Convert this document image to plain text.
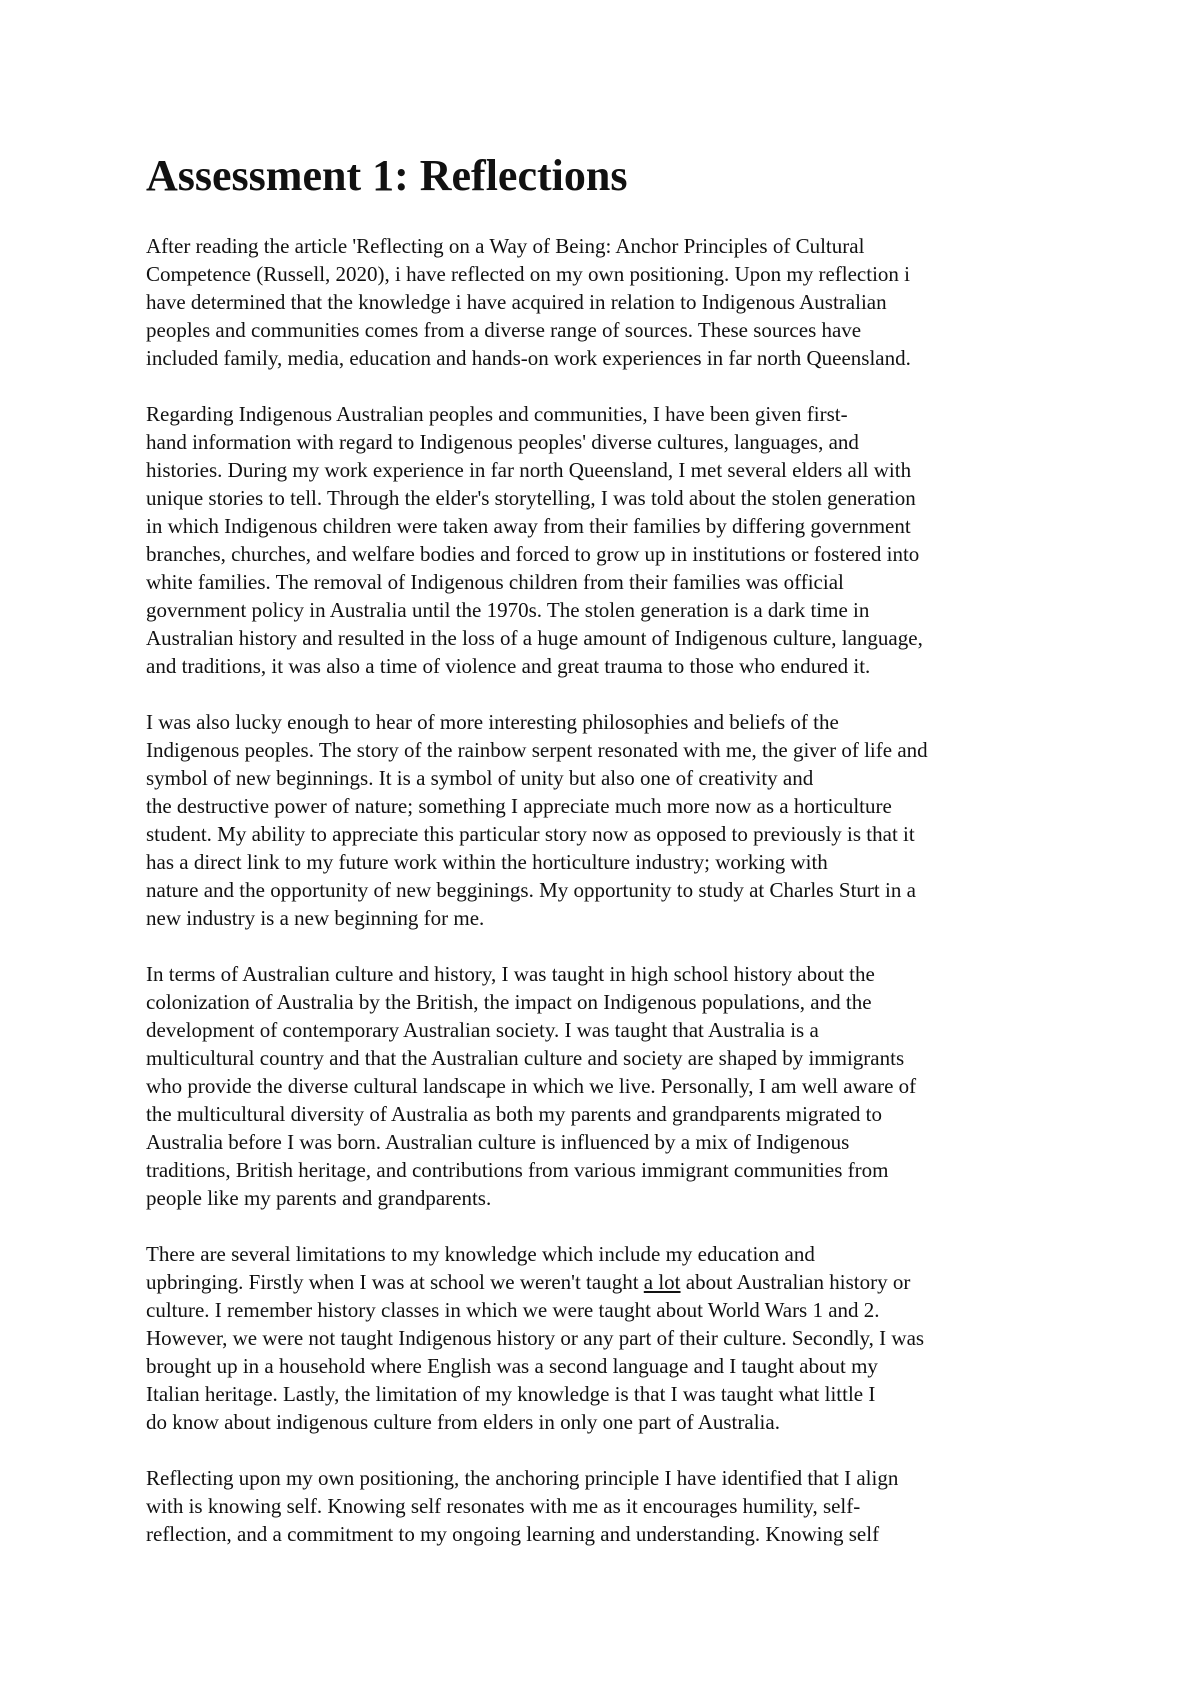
Assessment 1: Reflections
After reading the article 'Reflecting on a Way of Being: Anchor Principles of Cultural
Competence (Russell, 2020), i have reflected on my own positioning. Upon my reflection i
have determined that the knowledge i have acquired in relation to Indigenous Australian
peoples and communities comes from a diverse range of sources. These sources have
included family, media, education and hands-on work experiences in far north Queensland.
Regarding Indigenous Australian peoples and communities, I have been given first-
hand information with regard to Indigenous peoples' diverse cultures, languages, and
histories. During my work experience in far north Queensland, I met several elders all with
unique stories to tell. Through the elder's storytelling, I was told about the stolen generation
in which Indigenous children were taken away from their families by differing government
branches, churches, and welfare bodies and forced to grow up in institutions or fostered into
white families. The removal of Indigenous children from their families was official
government policy in Australia until the 1970s. The stolen generation is a dark time in
Australian history and resulted in the loss of a huge amount of Indigenous culture, language,
and traditions, it was also a time of violence and great trauma to those who endured it.
I was also lucky enough to hear of more interesting philosophies and beliefs of the
Indigenous peoples. The story of the rainbow serpent resonated with me, the giver of life and
symbol of new beginnings. It is a symbol of unity but also one of creativity and
the destructive power of nature; something I appreciate much more now as a horticulture
student. My ability to appreciate this particular story now as opposed to previously is that it
has a direct link to my future work within the horticulture industry; working with
nature and the opportunity of new begginings. My opportunity to study at Charles Sturt in a
new industry is a new beginning for me.
In terms of Australian culture and history, I was taught in high school history about the
colonization of Australia by the British, the impact on Indigenous populations, and the
development of contemporary Australian society. I was taught that Australia is a
multicultural country and that the Australian culture and society are shaped by immigrants
who provide the diverse cultural landscape in which we live. Personally, I am well aware of
the multicultural diversity of Australia as both my parents and grandparents migrated to
Australia before I was born. Australian culture is influenced by a mix of Indigenous
traditions, British heritage, and contributions from various immigrant communities from
people like my parents and grandparents.
There are several limitations to my knowledge which include my education and
upbringing. Firstly when I was at school we weren't taught a lot about Australian history or
culture. I remember history classes in which we were taught about World Wars 1 and 2.
However, we were not taught Indigenous history or any part of their culture. Secondly, I was
brought up in a household where English was a second language and I taught about my
Italian heritage. Lastly, the limitation of my knowledge is that I was taught what little I
do know about indigenous culture from elders in only one part of Australia.
Reflecting upon my own positioning, the anchoring principle I have identified that I align
with is knowing self. Knowing self resonates with me as it encourages humility, self-
reflection, and a commitment to my ongoing learning and understanding. Knowing self
